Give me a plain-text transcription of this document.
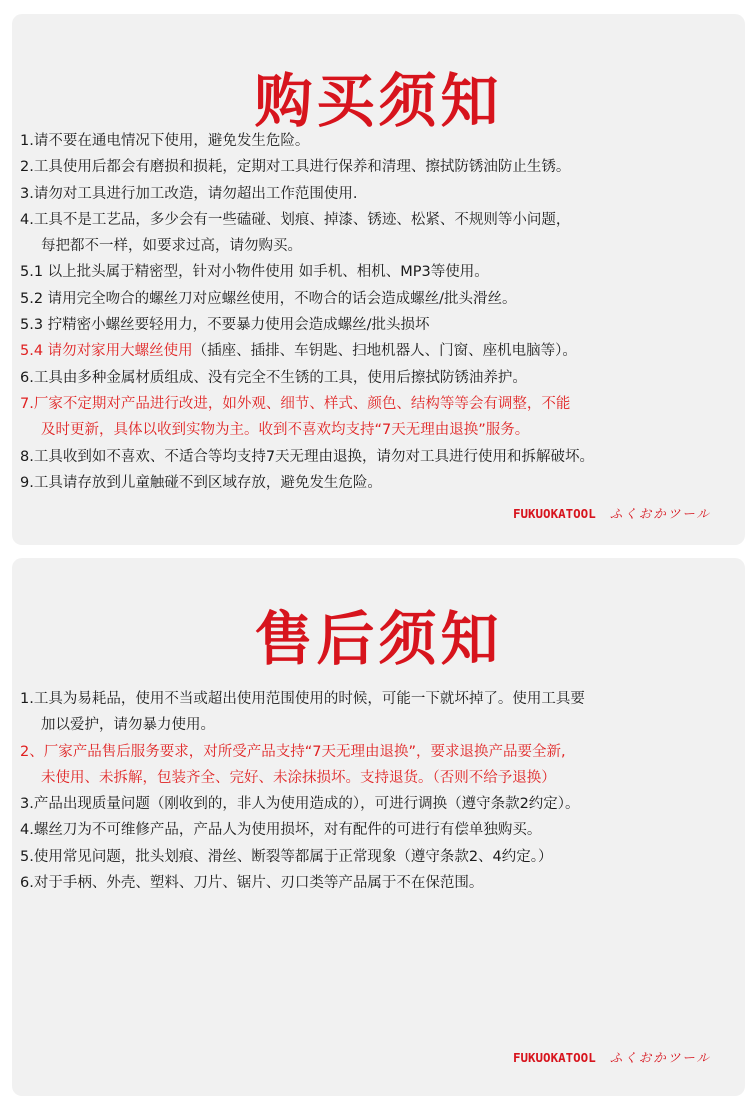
购买须知
1.请不要在通电情况下使用，避免发生危险。
2.工具使用后都会有磨损和损耗，定期对工具进行保养和清理、擦拭防锈油防止生锈。
3.请勿对工具进行加工改造，请勿超出工作范围使用.
4.工具不是工艺品，多少会有一些磕碰、划痕、掉漆、锈迹、松紧、不规则等小问题，
每把都不一样，如要求过高，请勿购买。
5.1 以上批头属于精密型，针对小物件使用 如手机、相机、MP3等使用。
5.2 请用完全吻合的螺丝刀对应螺丝使用，不吻合的话会造成螺丝/批头滑丝。
5.3 拧精密小螺丝要轻用力，不要暴力使用会造成螺丝/批头损坏
5.4 请勿对家用大螺丝使用（插座、插排、车钥匙、扫地机器人、门窗、座机电脑等）。
6.工具由多种金属材质组成、没有完全不生锈的工具，使用后擦拭防锈油养护。
7.厂家不定期对产品进行改进，如外观、细节、样式、颜色、结构等等会有调整，不能
及时更新，具体以收到实物为主。收到不喜欢均支持“7天无理由退换”服务。
8.工具收到如不喜欢、不适合等均支持7天无理由退换，请勿对工具进行使用和拆解破坏。
9.工具请存放到儿童触碰不到区域存放，避免发生危险。
FUKUOKATOOL ふくおかツール
售后须知
1.工具为易耗品，使用不当或超出使用范围使用的时候，可能一下就坏掉了。使用工具要
加以爱护，请勿暴力使用。
2、厂家产品售后服务要求，对所受产品支持“7天无理由退换”，要求退换产品要全新,
未使用、未拆解，包装齐全、完好、未涂抹损坏。支持退货。（否则不给予退换）
3.产品出现质量问题（刚收到的，非人为使用造成的），可进行调换（遵守条款2约定）。
4.螺丝刀为不可维修产品，产品人为使用损坏，对有配件的可进行有偿单独购买。
5.使用常见问题，批头划痕、滑丝、断裂等都属于正常现象（遵守条款2、4约定。）
6.对于手柄、外壳、塑料、刀片、锯片、刃口类等产品属于不在保范围。
FUKUOKATOOL ふくおかツール
